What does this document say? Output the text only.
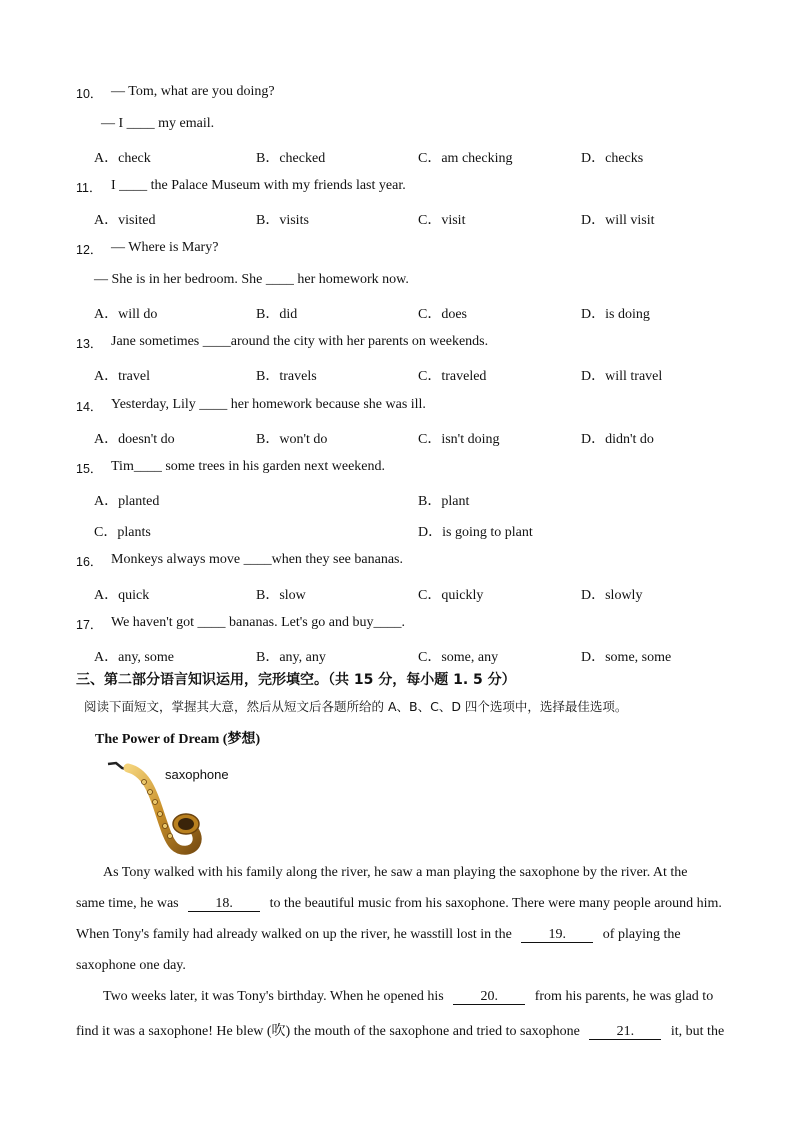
10． — Tom, what are you doing?
— I ____ my email.
A．check	B．checked	C．am checking	D．checks
11． I ____ the Palace Museum with my friends last year.
A．visited	B．visits	C．visit	D．will visit
12． — Where is Mary?
— She is in her bedroom. She ____ her homework now.
A．will do	B．did	C．does	D．is doing
13． Jane sometimes ____around the city with her parents on weekends.
A．travel	B．travels	C．traveled	D．will travel
14． Yesterday, Lily ____ her homework because she was ill.
A．doesn't do	B．won't do	C．isn't doing	D．didn't do
15． Tim____ some trees in his garden next weekend.
A．planted	B．plant
C．plants	D．is going to plant
16． Monkeys always move ____when they see bananas.
A．quick	B．slow	C．quickly	D．slowly
17． We haven't got ____ bananas. Let's go and buy____.
A．any, some	B．any, any	C．some, any	D．some, some
三、第二部分语言知识运用，完形填空。（共 15 分，每小题 1. 5 分）
阅读下面短文，掌握其大意，然后从短文后各题所给的 A、B、C、D 四个选项中，选择最佳选项。
The Power of Dream (梦想)
saxophone
As Tony walked with his family along the river, he saw a man playing the saxophone by the river. At the
same time, he was	18.	to the beautiful music from his saxophone. There were many people around him.
When Tony's family had already walked on up the river, he wasstill lost in the	19.	of playing the
saxophone one day.
Two weeks later, it was Tony's birthday. When he opened his	20.	from his parents, he was glad to
find it was a saxophone! He blew (吹) the mouth of the saxophone and tried to saxophone	21.	it, but the
